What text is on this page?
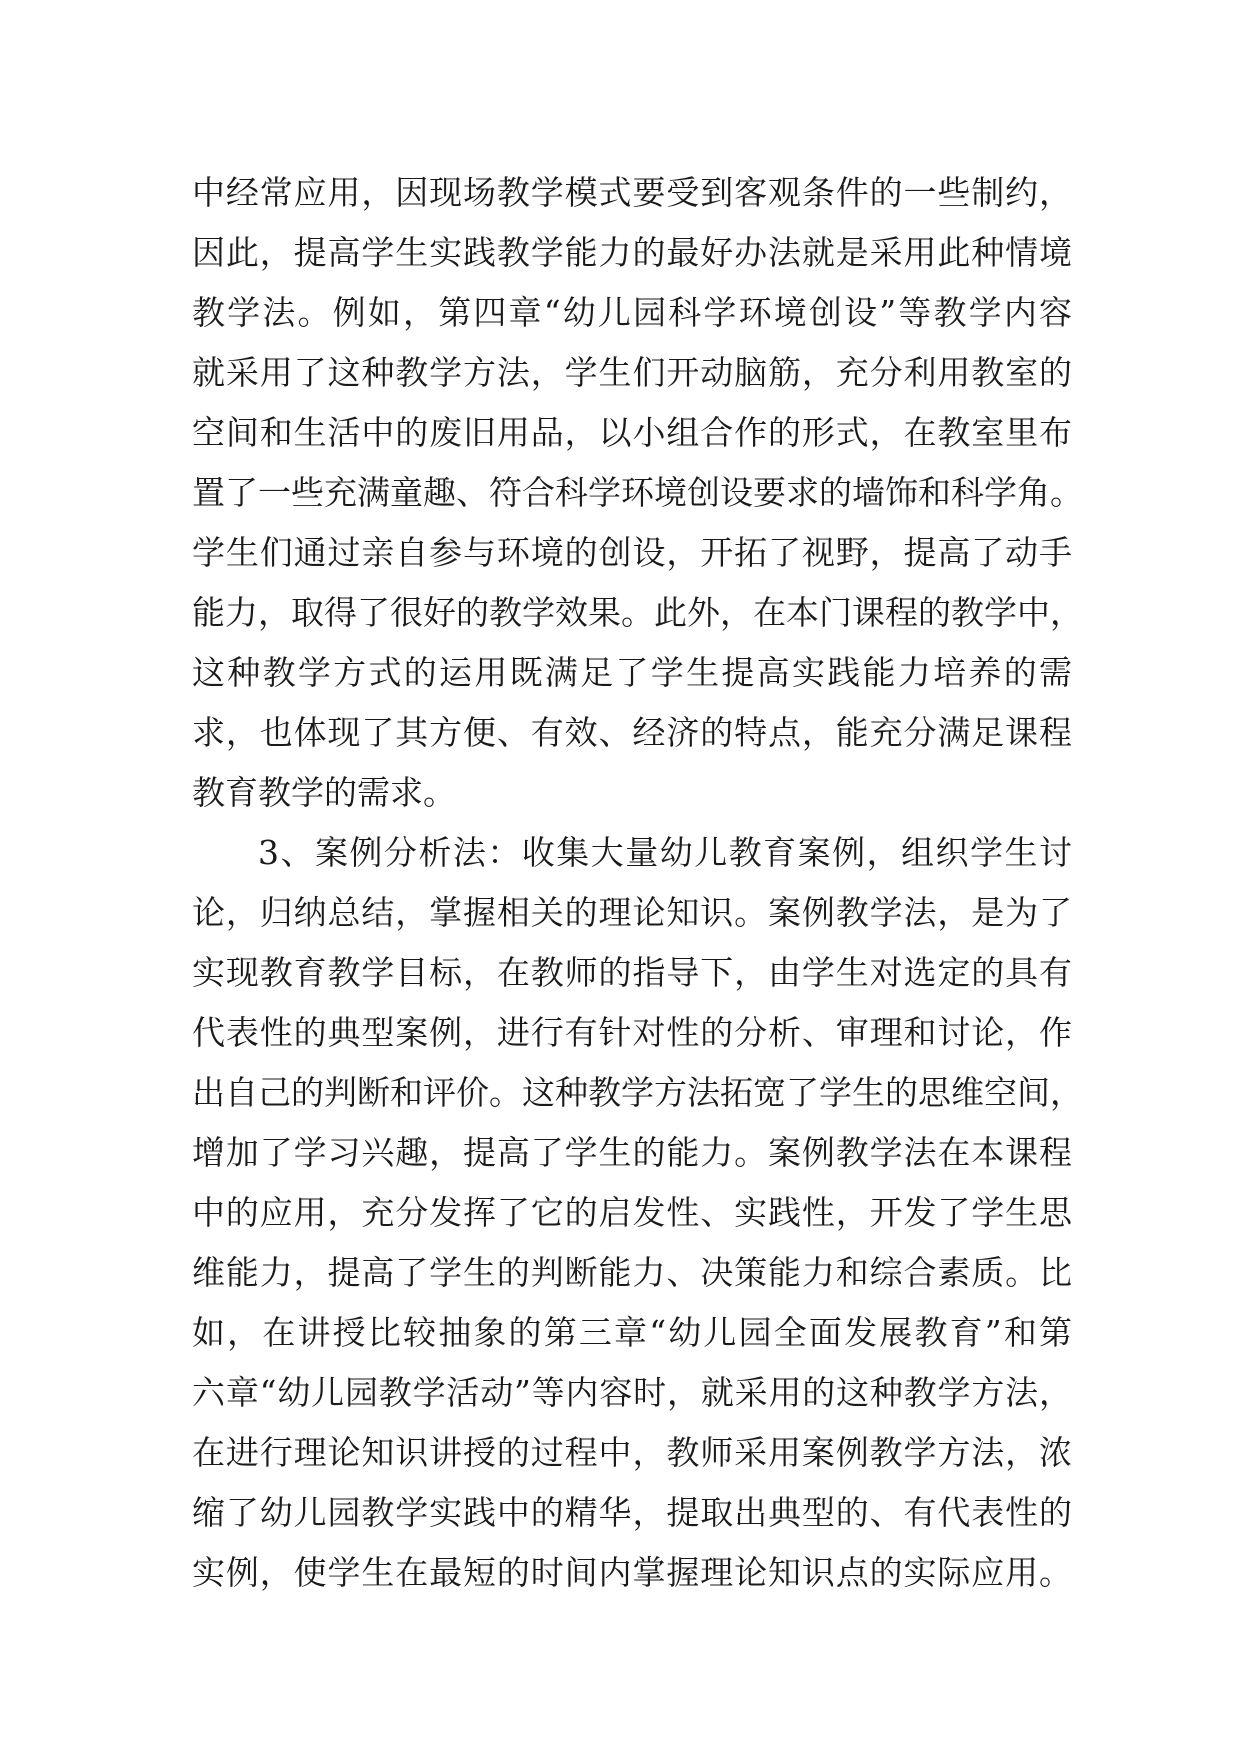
中经常应用，因现场教学模式要受到客观条件的一些制约，
因此，提高学生实践教学能力的最好办法就是采用此种情境
教学法。例如，第四章“幼儿园科学环境创设”等教学内容
就采用了这种教学方法，学生们开动脑筋，充分利用教室的
空间和生活中的废旧用品，以小组合作的形式，在教室里布
置了一些充满童趣、符合科学环境创设要求的墙饰和科学角。
学生们通过亲自参与环境的创设，开拓了视野，提高了动手
能力，取得了很好的教学效果。此外，在本门课程的教学中，
这种教学方式的运用既满足了学生提高实践能力培养的需
求，也体现了其方便、有效、经济的特点，能充分满足课程
教育教学的需求。
3、案例分析法：收集大量幼儿教育案例，组织学生讨
论，归纳总结，掌握相关的理论知识。案例教学法，是为了
实现教育教学目标，在教师的指导下，由学生对选定的具有
代表性的典型案例，进行有针对性的分析、审理和讨论，作
出自己的判断和评价。这种教学方法拓宽了学生的思维空间，
增加了学习兴趣，提高了学生的能力。案例教学法在本课程
中的应用，充分发挥了它的启发性、实践性，开发了学生思
维能力，提高了学生的判断能力、决策能力和综合素质。比
如，在讲授比较抽象的第三章“幼儿园全面发展教育”和第
六章“幼儿园教学活动”等内容时，就采用的这种教学方法，
在进行理论知识讲授的过程中，教师采用案例教学方法，浓
缩了幼儿园教学实践中的精华，提取出典型的、有代表性的
实例，使学生在最短的时间内掌握理论知识点的实际应用。
